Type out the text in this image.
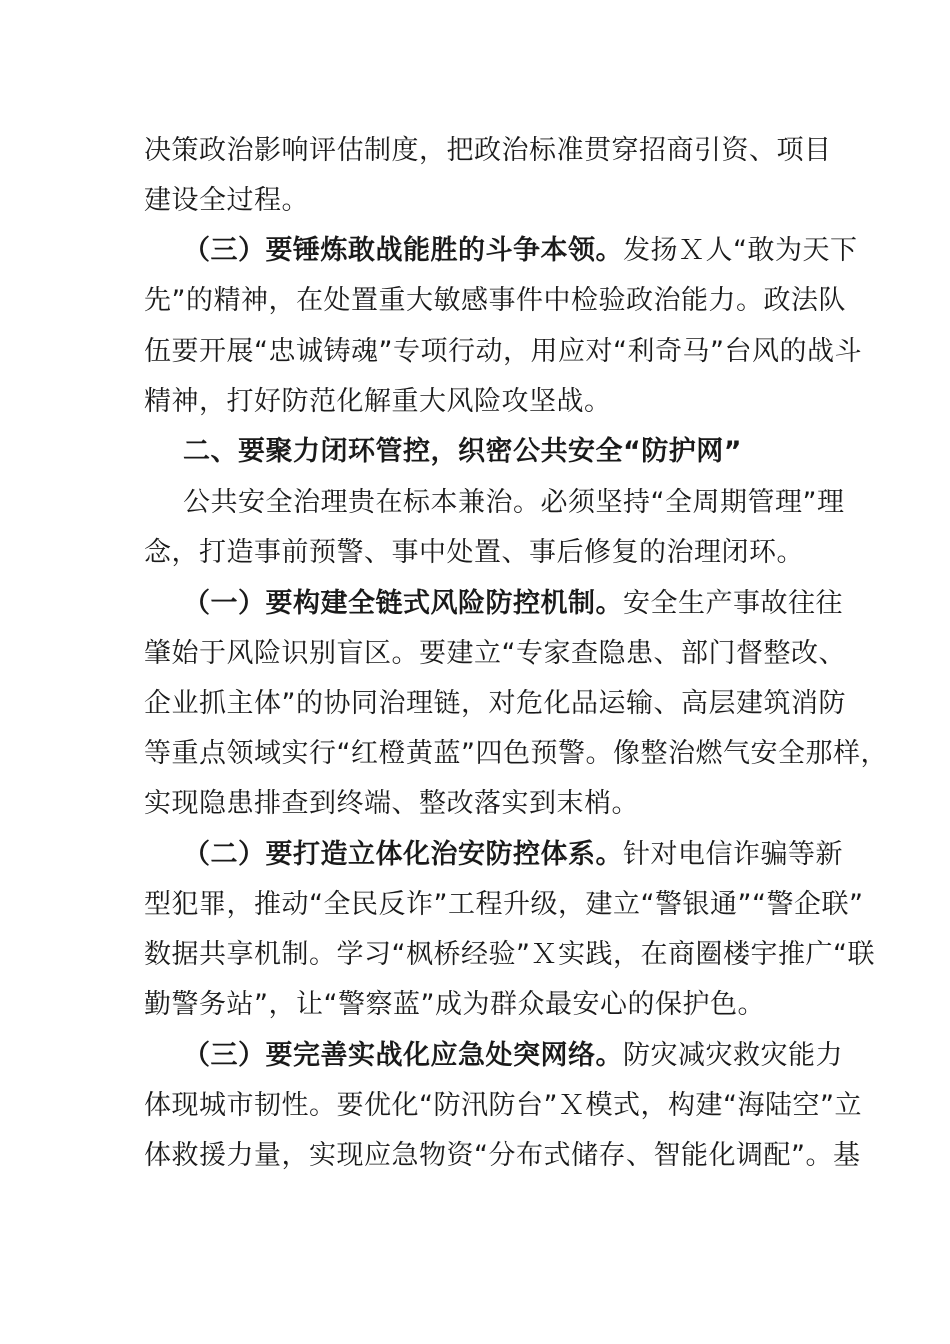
决策政治影响评估制度，把政治标准贯穿招商引资、项目
建设全过程。
（三）要锤炼敢战能胜的斗争本领。发扬Ｘ人“敢为天下
先”的精神，在处置重大敏感事件中检验政治能力。政法队
伍要开展“忠诚铸魂”专项行动，用应对“利奇马”台风的战斗
精神，打好防范化解重大风险攻坚战。
二、要聚力闭环管控，织密公共安全“防护网”
公共安全治理贵在标本兼治。必须坚持“全周期管理”理
念，打造事前预警、事中处置、事后修复的治理闭环。
（一）要构建全链式风险防控机制。安全生产事故往往
肇始于风险识别盲区。要建立“专家查隐患、部门督整改、
企业抓主体”的协同治理链，对危化品运输、高层建筑消防
等重点领域实行“红橙黄蓝”四色预警。像整治燃气安全那样，
实现隐患排查到终端、整改落实到末梢。
（二）要打造立体化治安防控体系。针对电信诈骗等新
型犯罪，推动“全民反诈”工程升级，建立“警银通”“警企联”
数据共享机制。学习“枫桥经验”Ｘ实践，在商圈楼宇推广“联
勤警务站”，让“警察蓝”成为群众最安心的保护色。
（三）要完善实战化应急处突网络。防灾减灾救灾能力
体现城市韧性。要优化“防汛防台”Ｘ模式，构建“海陆空”立
体救援力量，实现应急物资“分布式储存、智能化调配”。基
